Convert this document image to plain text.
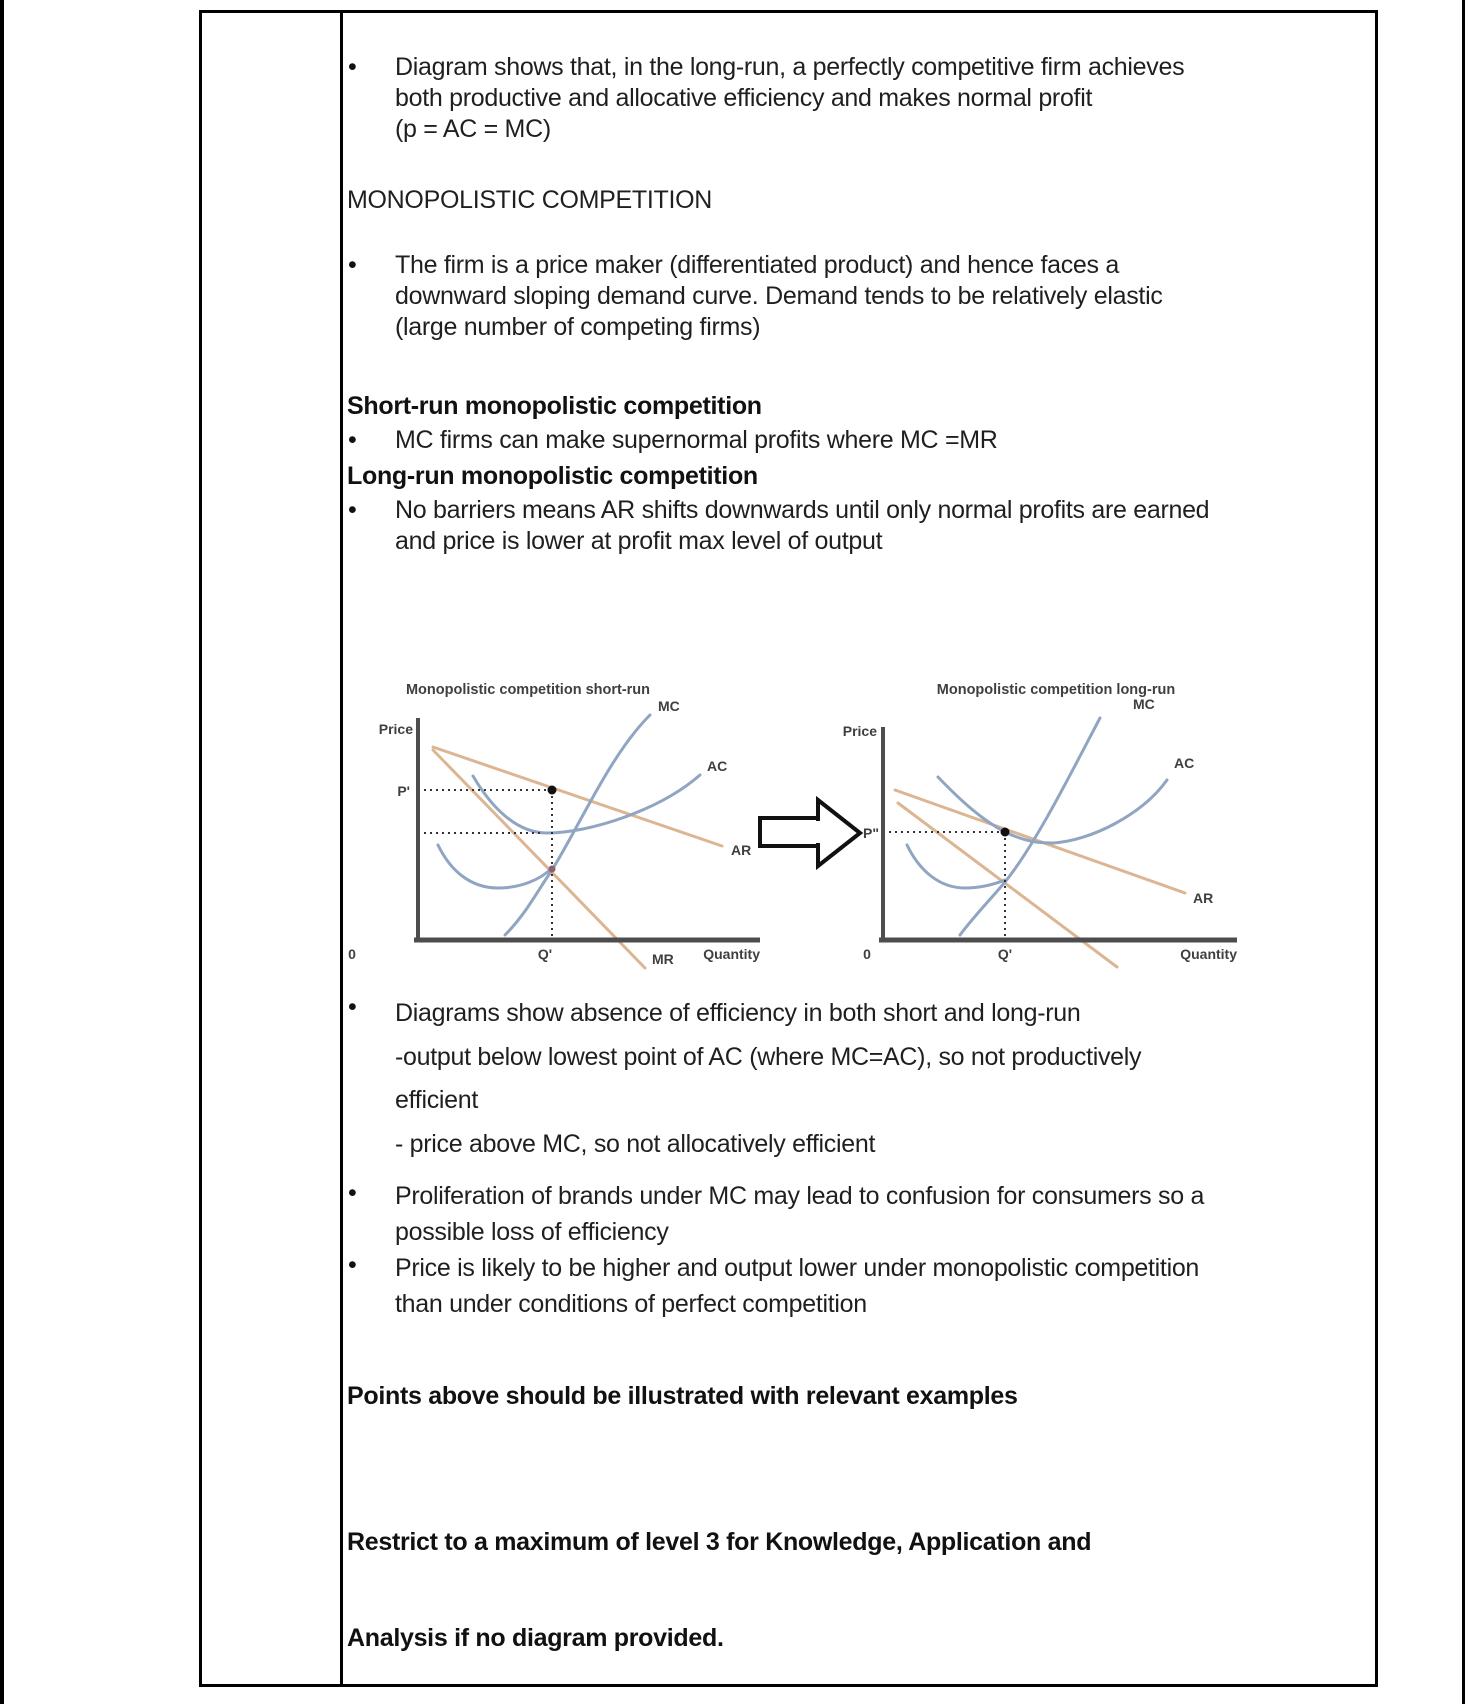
•	Diagram shows that, in the long-run, a perfectly competitive firm achieves
both productive and allocative efficiency and makes normal profit
(p = AC = MC)
MONOPOLISTIC COMPETITION
•	The firm is a price maker (differentiated product) and hence faces a
downward sloping demand curve. Demand tends to be relatively elastic
(large number of competing firms)
Short-run monopolistic competition
•	MC firms can make supernormal profits where MC =MR
Long-run monopolistic competition
•	No barriers means AR shifts downwards until only normal profits are earned
and price is lower at profit max level of output
Monopolistic competition short-run
Price
MC
AC
AR
MR
P'
0	Q'	Quantity
Monopolistic competition long-run
Price
MC
AC
AR
P"
0	Q'	Quantity
•	Diagrams show absence of efficiency in both short and long-run
-output below lowest point of AC (where MC=AC), so not productively
efficient
- price above MC, so not allocatively efficient
•	Proliferation of brands under MC may lead to confusion for consumers so a
possible loss of efficiency
•	Price is likely to be higher and output lower under monopolistic competition
than under conditions of perfect competition
Points above should be illustrated with relevant examples

Restrict to a maximum of level 3 for Knowledge, Application and

Analysis if no diagram provided.
